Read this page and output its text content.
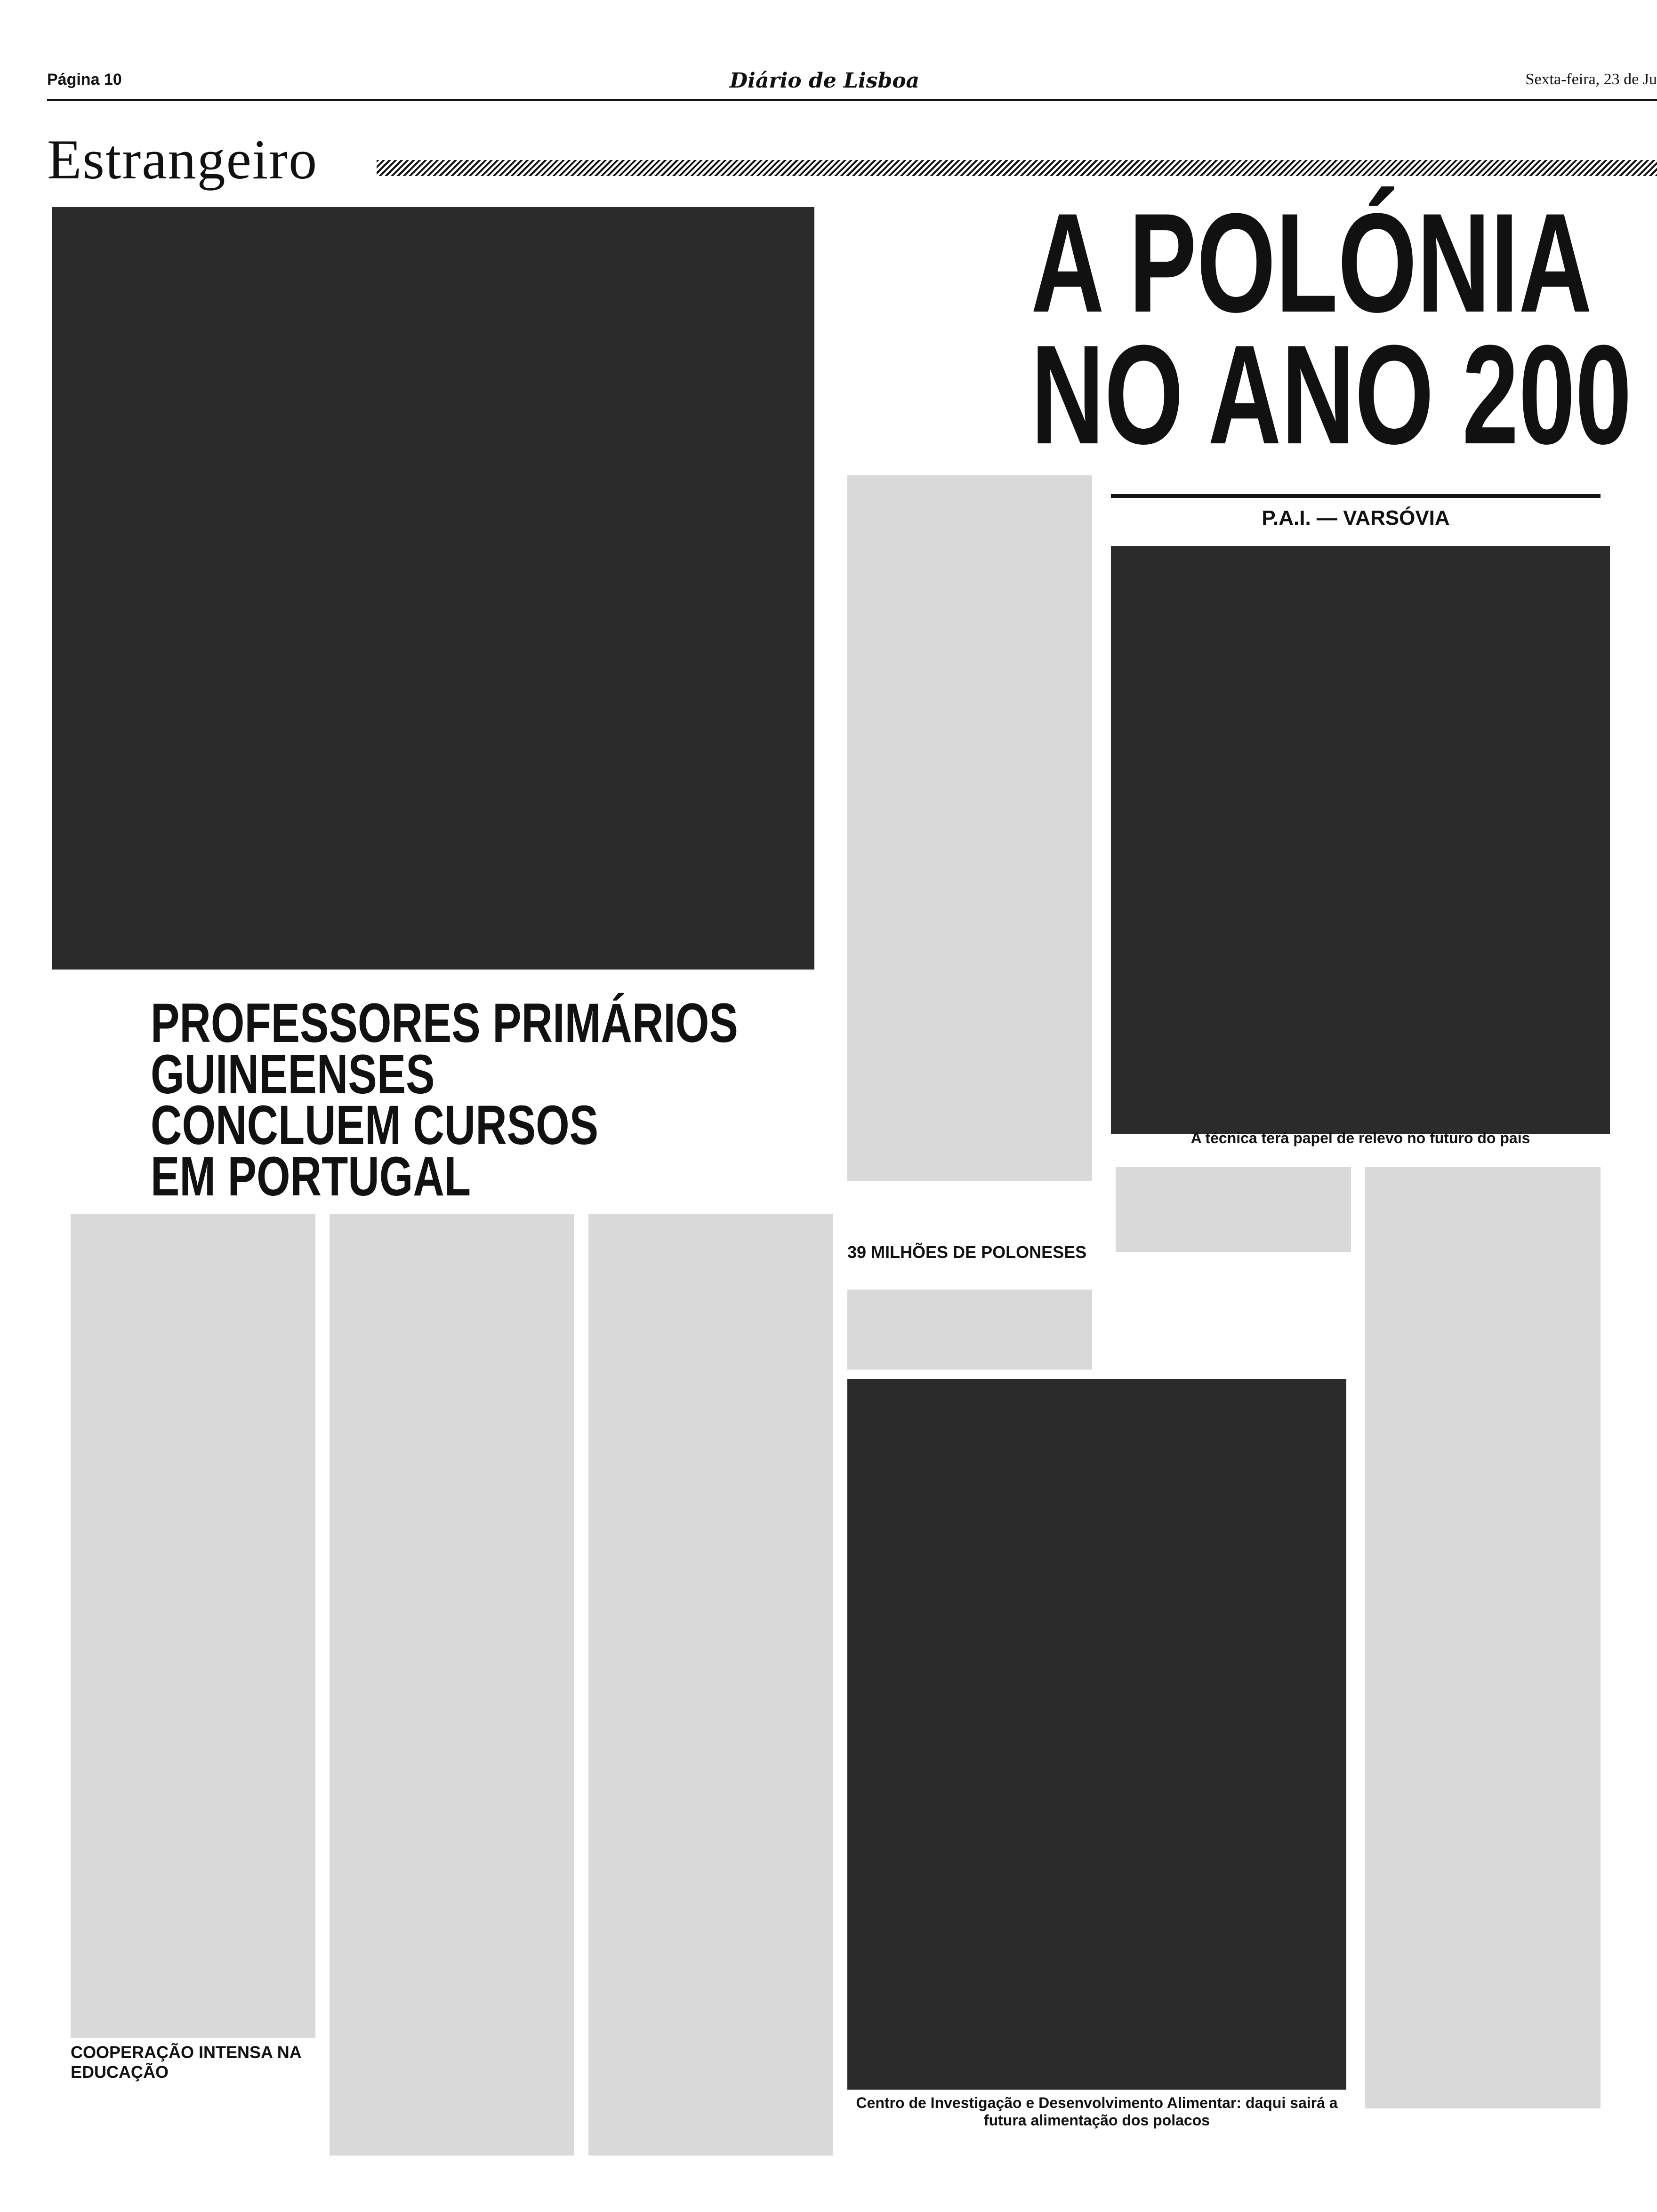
Página 10	Diário de Lisboa	Sexta-feira, 23 de Ju
Estrangeiro
A POLÓNIA
NO ANO 200
P.A.I. — VARSÓVIA
PROFESSORES PRIMÁRIOS
GUINEENSES
CONCLUEM CURSOS
EM PORTUGAL
COOPERAÇÃO INTENSA NA EDUCAÇÃO
39 MILHÕES DE POLONESES
A técnica terá papel de relevo no futuro do país
Centro de Investigação e Desenvolvimento Alimentar: daqui sairá a futura alimentação dos polacos
